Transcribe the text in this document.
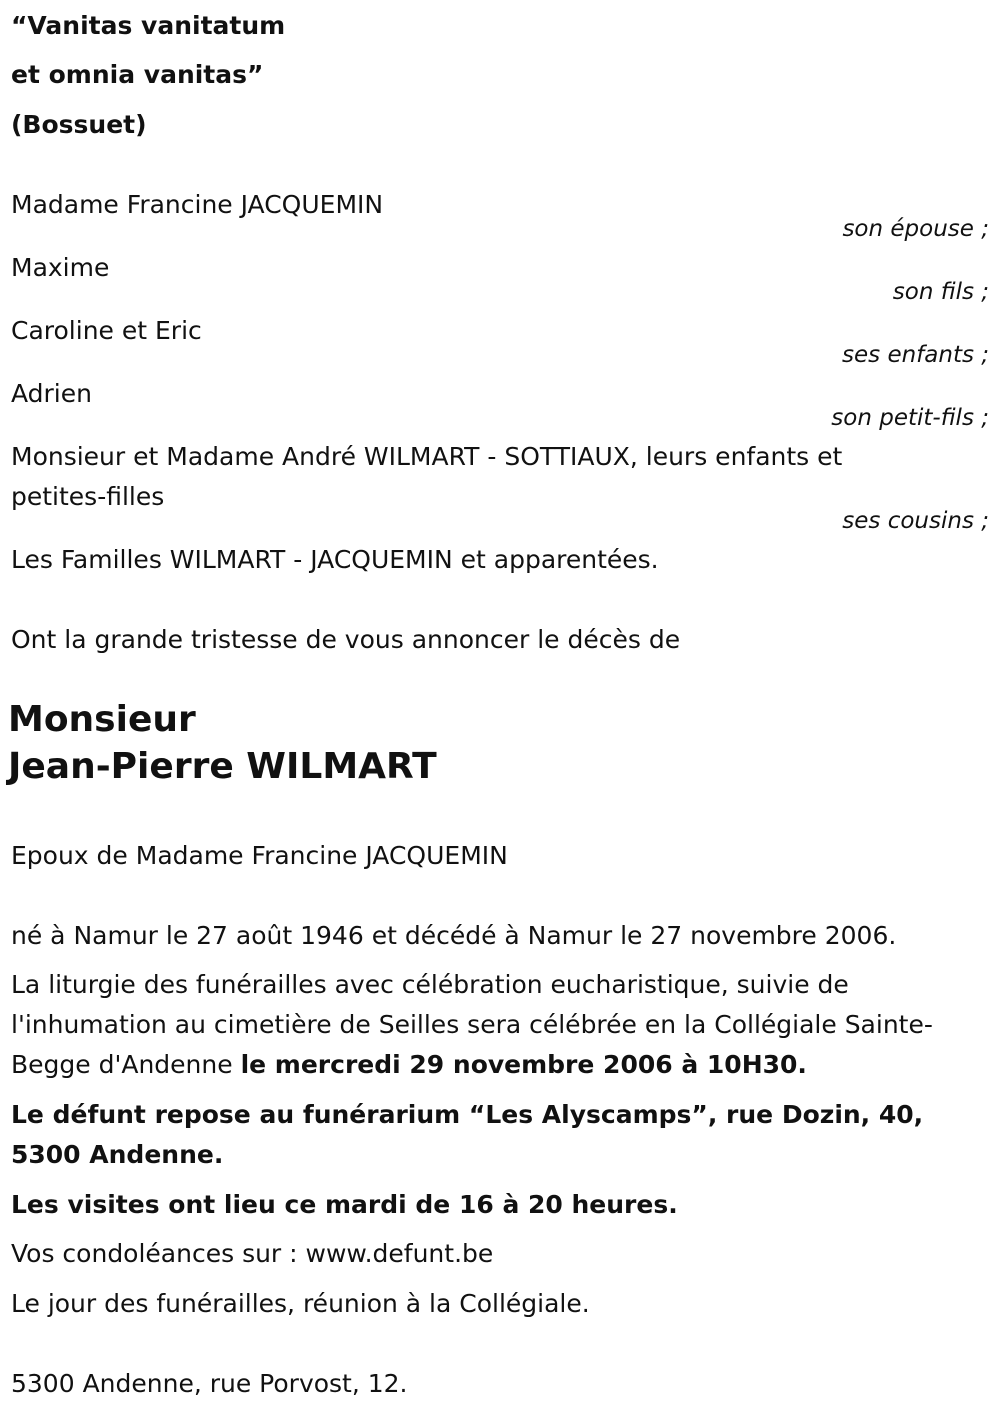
“Vanitas vanitatum
et omnia vanitas”
(Bossuet)
Madame Francine JACQUEMIN
son épouse ;
Maxime
son fils ;
Caroline et Eric
ses enfants ;
Adrien
son petit-fils ;
Monsieur et Madame André WILMART - SOTTIAUX, leurs enfants et petites-filles
ses cousins ;
Les Familles WILMART - JACQUEMIN et apparentées.
Ont la grande tristesse de vous annoncer le décès de
Monsieur
Jean-Pierre WILMART
Epoux de Madame Francine JACQUEMIN
né à Namur le 27 août 1946 et décédé à Namur le 27 novembre 2006.
La liturgie des funérailles avec célébration eucharistique, suivie de l'inhumation au cimetière de Seilles sera célébrée en la Collégiale Sainte-Begge d'Andenne le mercredi 29 novembre 2006 à 10H30.
Le défunt repose au funérarium “Les Alyscamps”, rue Dozin, 40, 5300 Andenne.
Les visites ont lieu ce mardi de 16 à 20 heures.
Vos condoléances sur : www.defunt.be
Le jour des funérailles, réunion à la Collégiale.
5300 Andenne, rue Porvost, 12.
